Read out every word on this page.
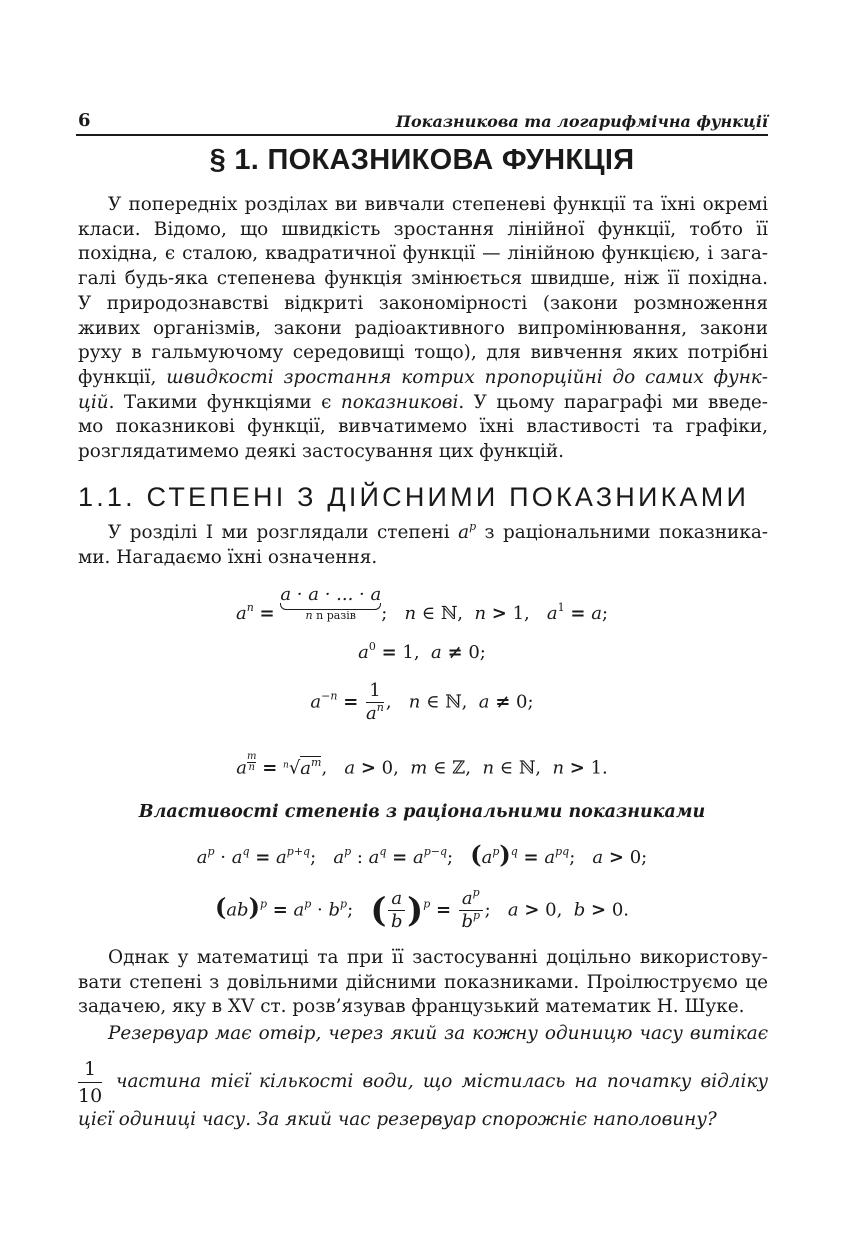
6	Показникова та логарифмічна функції
§ 1. ПОКАЗНИКОВА ФУНКЦІЯ
У попередніх розділах ви вивчали степеневі функції та їхні окремі
класи. Відомо, що швидкість зростання лінійної функції, тобто її
похідна, є сталою, квадратичної функції — лінійною функцією, і зага-
галі будь-яка степенева функція змінюється швидше, ніж її похідна.
У природознавстві відкриті закономірності (закони розмноження
живих організмів, закони радіоактивного випромінювання, закони
руху в гальмуючому середовищі тощо), для вивчення яких потрібні
функції, швидкості зростання котрих пропорційні до самих функ-
цій. Такими функціями є показникові. У цьому параграфі ми введе-
мо показникові функції, вивчатимемо їхні властивості та графіки,
розглядатимемо деякі застосування цих функцій.
1.1. СТЕПЕНІ З ДІЙСНИМИ ПОКАЗНИКАМИ
У розділі I ми розглядали степені $a^p$ з раціональними показника-
ми. Нагадаємо їхні означення.
$a^n = a \cdot a$ · ... · a
n n разів	;   n ∈ ℕ,  n > 1,   $a^1 = a$;
$a^0 = 1$,  a ≠ 0;
$a^{-n} = \frac{1}{a^n}$ ,   n ∈ ℕ,  a ≠ 0;
a $^{\frac{m}{n}} = ^n√a^m$,   a > 0,  m ∈ ℤ,  n ∈ ℕ,  n > 1.
Властивості степенів з раціональними показниками
$a^p \cdot a^q = a^{p+q}$;   $a^p$ : $a^q = a^{p-q}$;   $(a^p)^q = a^{pq}$;   a > 0;
$(ab)^p = a^p \cdot b^p$;   ( $\frac{a}{b} )^p = \frac{a^p}{b^p}$ ;   a > 0,  b > 0.
Однак у математиці та при її застосуванні доцільно використову-
вати степені з довільними дійсними показниками. Проілюструємо це
задачею, яку в XV ст. розв’язував французький математик Н. Шуке.
Резервуар має отвір, через який за кожну одиницю часу витікає
1
10
частина тієї кількості води, що містилась на початку відліку
цієї одиниці часу. За який час резервуар спорожніє наполовину?
